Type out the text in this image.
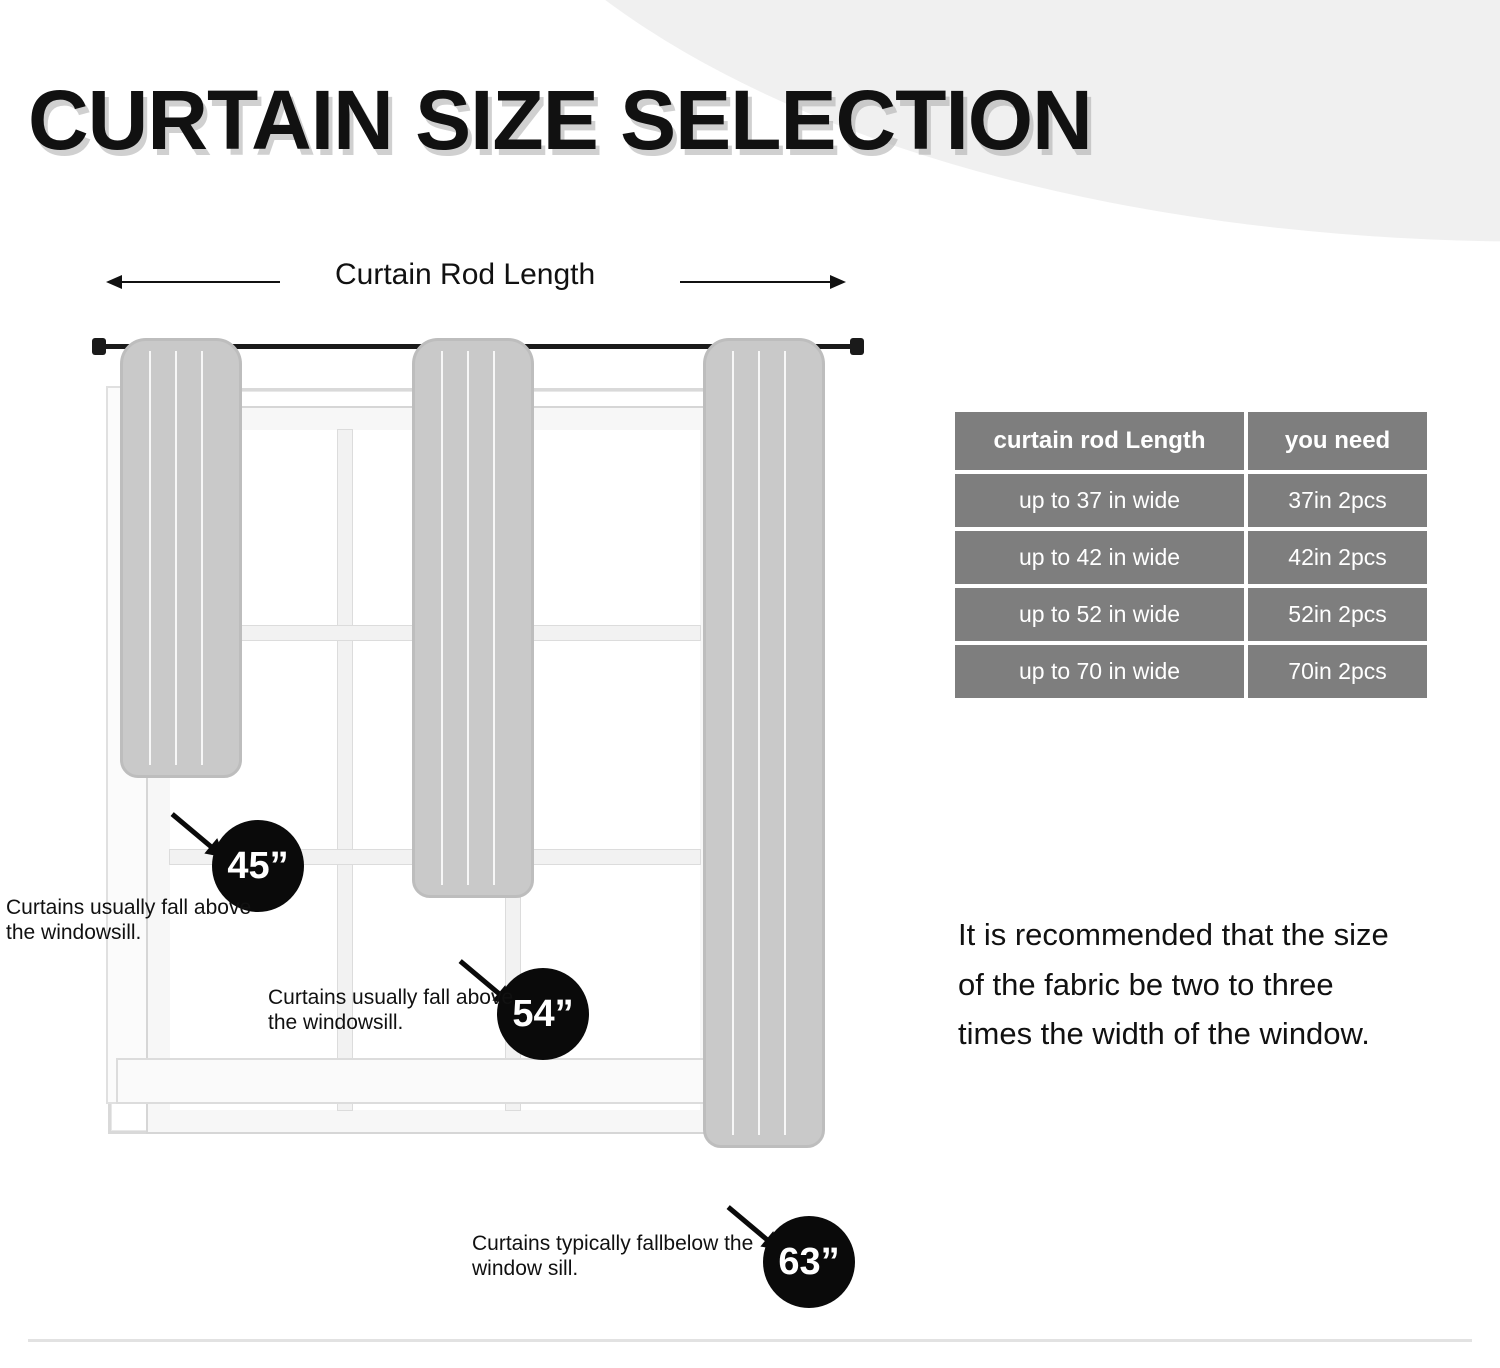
CURTAIN SIZE SELECTION
Curtain Rod Length
45”
Curtains usually fall above the windowsill.
54”
Curtains usually fall above the windowsill.
63”
Curtains typically fallbelow the window sill.
curtain rod Length	you need
up to 37 in wide	37in 2pcs
up to 42 in wide	42in 2pcs
up to 52 in wide	52in 2pcs
up to 70 in wide	70in 2pcs
It is recommended that the size of the fabric be two to three times the width of the window.
